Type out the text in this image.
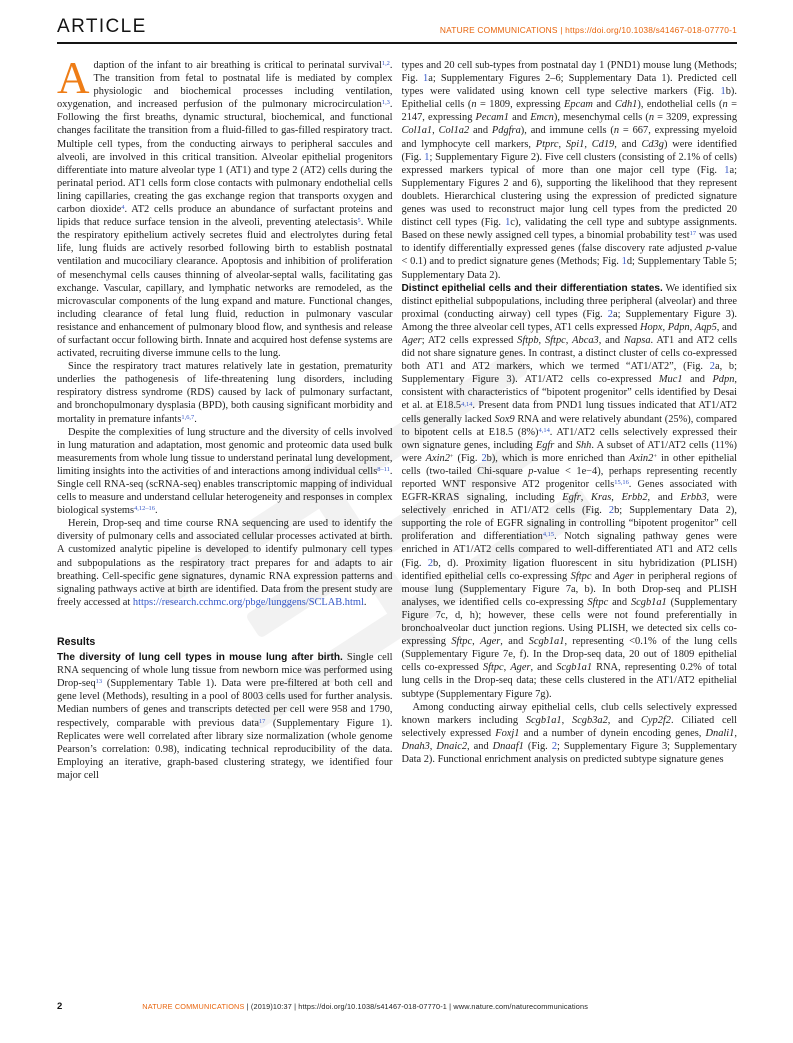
ARTICLE	NATURE COMMUNICATIONS | https://doi.org/10.1038/s41467-018-07770-1

Adaption of the infant to air breathing is critical to perinatal survival$^{1,2}$. The transition from fetal to postnatal life is mediated by complex physiologic and biochemical processes including ventilation, oxygenation, and increased perfusion of the pulmonary microcirculation$^{1,3}$. Following the first breaths, dynamic structural, biochemical, and functional changes facilitate the transition from a fluid-filled to gas-filled respiratory tract. Multiple cell types, from the conducting airways to peripheral saccules and alveoli, are involved in this critical transition. Alveolar epithelial progenitors differentiate into mature alveolar type 1 (AT1) and type 2 (AT2) cells during the perinatal period. AT1 cells form close contacts with pulmonary endothelial cells lining capillaries, creating the gas exchange region that transports oxygen and carbon dioxide$^4$. AT2 cells produce an abundance of surfactant proteins and lipids that reduce surface tension in the alveoli, preventing atelectasis$^5$. While the respiratory epithelium actively secretes fluid and electrolytes during fetal life, lung fluids are actively resorbed following birth to establish postnatal ventilation and mucociliary clearance. Apoptosis and inhibition of proliferation of mesenchymal cells causes thinning of alveolar-septal walls, facilitating gas exchange. Vascular, capillary, and lymphatic networks are remodeled, as the microvascular components of the lung expand and mature. Functional changes, including clearance of fetal lung fluid, reduction in pulmonary vascular resistance and enhancement of pulmonary blood flow, and synthesis and release of surfactant occur following birth. Innate and acquired host defense systems are activated, recruiting diverse immune cells to the lung.

Since the respiratory tract matures relatively late in gestation, prematurity underlies the pathogenesis of life-threatening lung disorders, including respiratory distress syndrome (RDS) caused by lack of pulmonary surfactant, and bronchopulmonary dysplasia (BPD), both causing significant morbidity and mortality in premature infants$^{1,6,7}$.

Despite the complexities of lung structure and the diversity of cells involved in lung maturation and adaptation, most genomic and proteomic data used bulk measurements from whole lung tissue to understand perinatal lung development, limiting insights into the activities of and interactions among individual cells$^{8-11}$. Single cell RNA-seq (scRNA-seq) enables transcriptomic mapping of individual cells to measure and understand cellular heterogeneity and responses in complex biological systems$^{4,12-16}$.

Herein, Drop-seq and time course RNA sequencing are used to identify the diversity of pulmonary cells and associated cellular processes activated at birth. A customized analytic pipeline is developed to identify pulmonary cell types and subpopulations as the respiratory tract prepares for and adapts to air breathing. Cell-specific gene signatures, dynamic RNA expression patterns and signaling pathways active at birth are identified. Data from the present study are freely accessed at https://research.cchmc.org/pbge/lunggens/SCLAB.html.

Results

The diversity of lung cell types in mouse lung after birth. Single cell RNA sequencing of whole lung tissue from newborn mice was performed using Drop-seq$^{13}$ (Supplementary Table 1). Data were pre-filtered at both cell and gene level (Methods), resulting in a pool of 8003 cells used for further analysis. Median numbers of genes and transcripts detected per cell were 958 and 1790, respectively, comparable with previous data$^{17}$ (Supplementary Figure 1). Replicates were well correlated after library size normalization (whole genome Pearson’s correlation: 0.98), indicating technical reproducibility of the data. Employing an iterative, graph-based clustering strategy, we identified four major cell

types and 20 cell sub-types from postnatal day 1 (PND1) mouse lung (Methods; Fig. 1a; Supplementary Figures 2–6; Supplementary Data 1). Predicted cell types were validated using known cell type selective markers (Fig. 1b). Epithelial cells (n = 1809, expressing Epcam and Cdh1), endothelial cells (n = 2147, expressing Pecam1 and Emcn), mesenchymal cells (n = 3209, expressing Col1a1, Col1a2 and Pdgfra), and immune cells (n = 667, expressing myeloid and lymphocyte cell markers, Ptprc, Spi1, Cd19, and Cd3g) were identified (Fig. 1; Supplementary Figure 2). Five cell clusters (consisting of 2.1% of cells) expressed markers typical of more than one major cell type (Fig. 1a; Supplementary Figures 2 and 6), supporting the likelihood that they represent doublets. Hierarchical clustering using the expression of predicted signature genes was used to reconstruct major lung cell types from the predicted 20 distinct cell types (Fig. 1c), validating the cell type and subtype assignments. Based on these newly assigned cell types, a binomial probability test$^{17}$ was used to identify differentially expressed genes (false discovery rate adjusted p-value < 0.1) and to predict signature genes (Methods; Fig. 1d; Supplementary Table 5; Supplementary Data 2).

Distinct epithelial cells and their differentiation states. We identified six distinct epithelial subpopulations, including three peripheral (alveolar) and three proximal (conducting airway) cell types (Fig. 2a; Supplementary Figure 3). Among the three alveolar cell types, AT1 cells expressed Hopx, Pdpn, Aqp5, and Ager; AT2 cells expressed Sftpb, Sftpc, Abca3, and Napsa. AT1 and AT2 cells did not share signature genes. In contrast, a distinct cluster of cells co-expressed both AT1 and AT2 markers, which we termed “AT1/AT2”, (Fig. 2a, b; Supplementary Figure 3). AT1/AT2 cells co-expressed Muc1 and Pdpn, consistent with characteristics of “bipotent progenitor” cells identified by Desai et al. at E18.5$^{4,14}$. Present data from PND1 lung tissues indicated that AT1/AT2 cells generally lacked Sox9 RNA and were relatively abundant (25%), compared to bipotent cells at E18.5 (8%)$^{4,14}$. AT1/AT2 cells selectively expressed their own signature genes, including Egfr and Shh. A subset of AT1/AT2 cells (11%) were Axin2+ (Fig. 2b), which is more enriched than Axin2+ in other epithelial cells (two-tailed Chi-square p-value < 1e−4), perhaps representing recently reported WNT responsive AT2 progenitor cells$^{15,16}$. Genes associated with EGFR-KRAS signaling, including Egfr, Kras, Erbb2, and Erbb3, were selectively enriched in AT1/AT2 cells (Fig. 2b; Supplementary Data 2), supporting the role of EGFR signaling in controlling “bipotent progenitor” cell proliferation and differentiation$^{4,15}$. Notch signaling pathway genes were enriched in AT1/AT2 cells compared to well-differentiated AT1 and AT2 cells (Fig. 2b, d). Proximity ligation fluorescent in situ hybridization (PLISH) identified epithelial cells co-expressing Sftpc and Ager in peripheral regions of mouse lung (Supplementary Figure 7a, b). In both Drop-seq and PLISH analyses, we identified cells co-expressing Sftpc and Scgb1a1 (Supplementary Figure 7c, d, h); however, these cells were not found preferentially in bronchoalveolar duct junction regions. Using PLISH, we detected six cells co-expressing Sftpc, Ager, and Scgb1a1, representing <0.1% of the lung cells (Supplementary Figure 7e, f). In the Drop-seq data, 20 out of 1809 epithelial cells co-expressed Sftpc, Ager, and Scgb1a1 RNA, representing 0.2% of total lung cells in the Drop-seq data; these cells clustered in the AT1/AT2 epithelial subtype (Supplementary Figure 7g).

Among conducting airway epithelial cells, club cells selectively expressed known markers including Scgb1a1, Scgb3a2, and Cyp2f2. Ciliated cell selectively expressed Foxj1 and a number of dynein encoding genes, Dnali1, Dnah3, Dnaic2, and Dnaaf1 (Fig. 2; Supplementary Figure 3; Supplementary Data 2). Functional enrichment analysis on predicted subtype signature genes

2	NATURE COMMUNICATIONS | (2019)10:37 | https://doi.org/10.1038/s41467-018-07770-1 | www.nature.com/naturecommunications
